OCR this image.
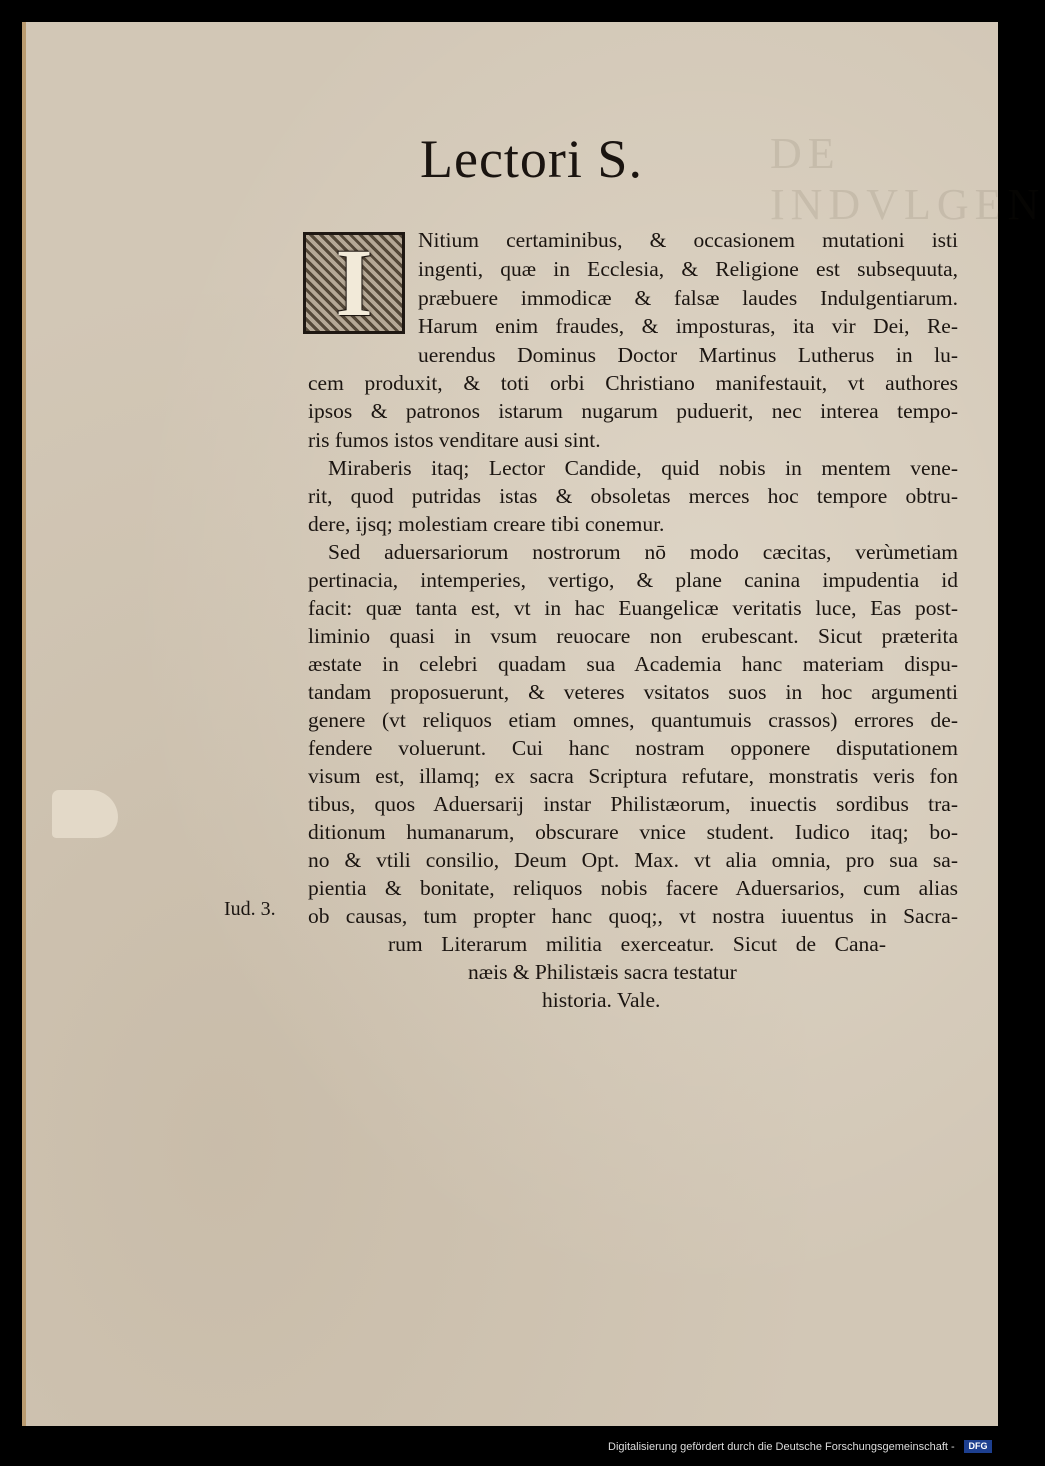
DE INDVLGEN
Lectori S.
I Nitium certaminibus, & occasionem mutationi isti
ingenti, quæ in Ecclesia, & Religione est subsequuta,
præbuere immodicæ & falsæ laudes Indulgentiarum.
Harum enim fraudes, & imposturas, ita vir Dei, Re-
uerendus Dominus Doctor Martinus Lutherus in lu-
cem produxit, & toti orbi Christiano manifestauit, vt authores
ipsos & patronos istarum nugarum puduerit, nec interea tempo-
ris fumos istos venditare ausi sint.
Miraberis itaq; Lector Candide, quid nobis in mentem vene-
rit, quod putridas istas & obsoletas merces hoc tempore obtru-
dere, ijsq; molestiam creare tibi conemur.
Sed aduersariorum nostrorum nō modo cæcitas, verùmetiam
pertinacia, intemperies, vertigo, & plane canina impudentia id
facit: quæ tanta est, vt in hac Euangelicæ veritatis luce, Eas post-
liminio quasi in vsum reuocare non erubescant. Sicut præterita
æstate in celebri quadam sua Academia hanc materiam dispu-
tandam proposuerunt, & veteres vsitatos suos in hoc argumenti
genere (vt reliquos etiam omnes, quantumuis crassos) errores de-
fendere voluerunt. Cui hanc nostram opponere disputationem
visum est, illamq; ex sacra Scriptura refutare, monstratis veris fon
tibus, quos Aduersarij instar Philistæorum, inuectis sordibus tra-
ditionum humanarum, obscurare vnice student. Iudico itaq; bo-
no & vtili consilio, Deum Opt. Max. vt alia omnia, pro sua sa-
pientia & bonitate, reliquos nobis facere Aduersarios, cum alias
ob causas, tum propter hanc quoq;, vt nostra iuuentus in Sacra-
rum Literarum militia exerceatur. Sicut de Cana-
næis & Philistæis sacra testatur
historia. Vale.
Iud. 3.
Digitalisierung gefördert durch die Deutsche Forschungsgemeinschaft -	DFG
